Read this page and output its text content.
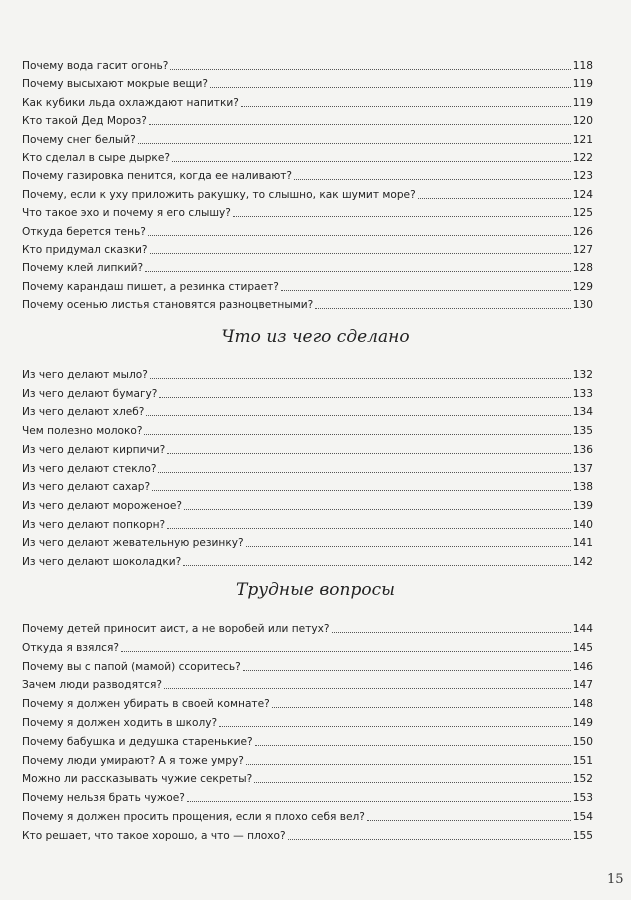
Почему вода гасит огонь?	118
Почему высыхают мокрые вещи?	119
Как кубики льда охлаждают напитки?	119
Кто такой Дед Мороз?	120
Почему снег белый?	121
Кто сделал в сыре дырке?	122
Почему газировка пенится, когда ее наливают?	123
Почему, если к уху приложить ракушку, то слышно, как шумит море?	124
Что такое эхо и почему я его слышу?	125
Откуда берется тень?	126
Кто придумал сказки?	127
Почему клей липкий?	128
Почему карандаш пишет, а резинка стирает?	129
Почему осенью листья становятся разноцветными?	130
Что из чего сделано
Из чего делают мыло?	132
Из чего делают бумагу?	133
Из чего делают хлеб?	134
Чем полезно молоко?	135
Из чего делают кирпичи?	136
Из чего делают стекло?	137
Из чего делают сахар?	138
Из чего делают мороженое?	139
Из чего делают попкорн?	140
Из чего делают жевательную резинку?	141
Из чего делают шоколадки?	142
Трудные вопросы
Почему детей приносит аист, а не воробей или петух?	144
Откуда я взялся?	145
Почему вы с папой (мамой) ссоритесь?	146
Зачем люди разводятся?	147
Почему я должен убирать в своей комнате?	148
Почему я должен ходить в школу?	149
Почему бабушка и дедушка старенькие?	150
Почему люди умирают? А я тоже умру?	151
Можно ли рассказывать чужие секреты?	152
Почему нельзя брать чужое?	153
Почему я должен просить прощения, если я плохо себя вел?	154
Кто решает, что такое хорошо, а что — плохо?	155
15
